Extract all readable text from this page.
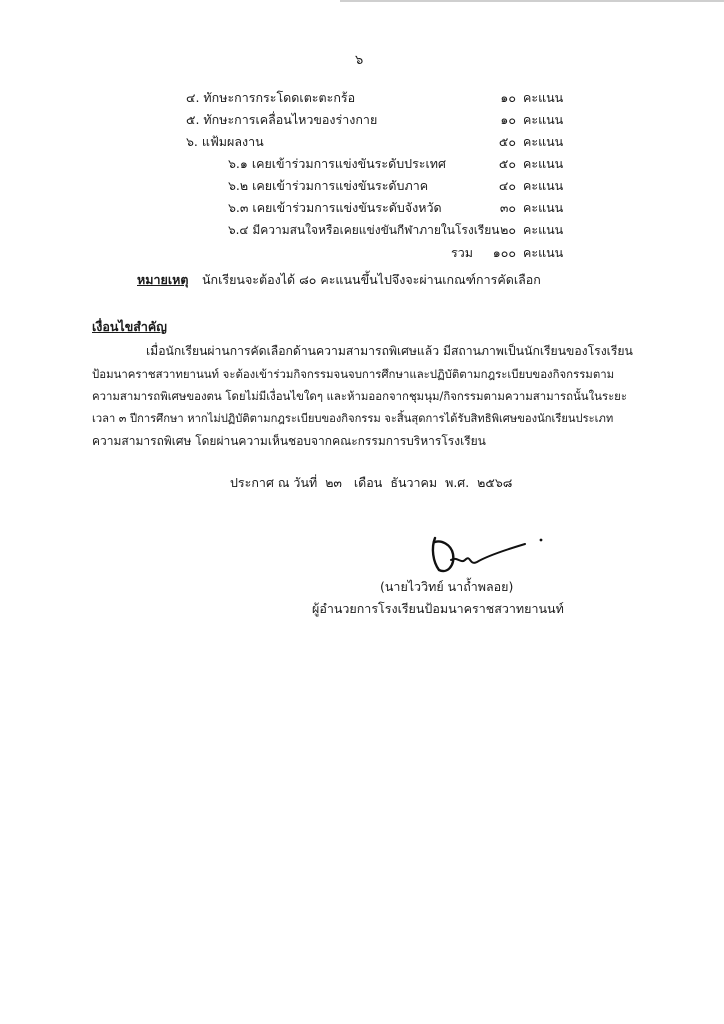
๖
๔. ทักษะการกระโดดเตะตะกร้อ	๑๐ คะแนน
๕. ทักษะการเคลื่อนไหวของร่างกาย	๑๐ คะแนน
๖. แฟ้มผลงาน	๕๐ คะแนน
๖.๑ เคยเข้าร่วมการแข่งขันระดับประเทศ	๕๐ คะแนน
๖.๒ เคยเข้าร่วมการแข่งขันระดับภาค	๔๐ คะแนน
๖.๓ เคยเข้าร่วมการแข่งขันระดับจังหวัด	๓๐ คะแนน
๖.๔ มีความสนใจหรือเคยแข่งขันกีฬาภายในโรงเรียน ๒๐ คะแนน
รวม	๑๐๐ คะแนน
หมายเหตุ นักเรียนจะต้องได้ ๘๐ คะแนนขึ้นไปจึงจะผ่านเกณฑ์การคัดเลือก
เงื่อนไขสำคัญ
เมื่อนักเรียนผ่านการคัดเลือกด้านความสามารถพิเศษแล้ว มีสถานภาพเป็นนักเรียนของโรงเรียน
ป้อมนาคราชสวาทยานนท์ จะต้องเข้าร่วมกิจกรรมจนจบการศึกษาและปฏิบัติตามกฎระเบียบของกิจกรรมตาม
ความสามารถพิเศษของตน โดยไม่มีเงื่อนไขใดๆ และห้ามออกจากชุมนุม/กิจกรรมตามความสามารถนั้นในระยะ
เวลา ๓ ปีการศึกษา หากไม่ปฏิบัติตามกฎระเบียบของกิจกรรม จะสิ้นสุดการได้รับสิทธิพิเศษของนักเรียนประเภท
ความสามารถพิเศษ โดยผ่านความเห็นชอบจากคณะกรรมการบริหารโรงเรียน
ประกาศ ณ วันที่ ๒๓ เดือน ธันวาคม พ.ศ. ๒๕๖๘
(นายไววิทย์ นาถ้ำพลอย)
ผู้อำนวยการโรงเรียนป้อมนาคราชสวาทยานนท์
